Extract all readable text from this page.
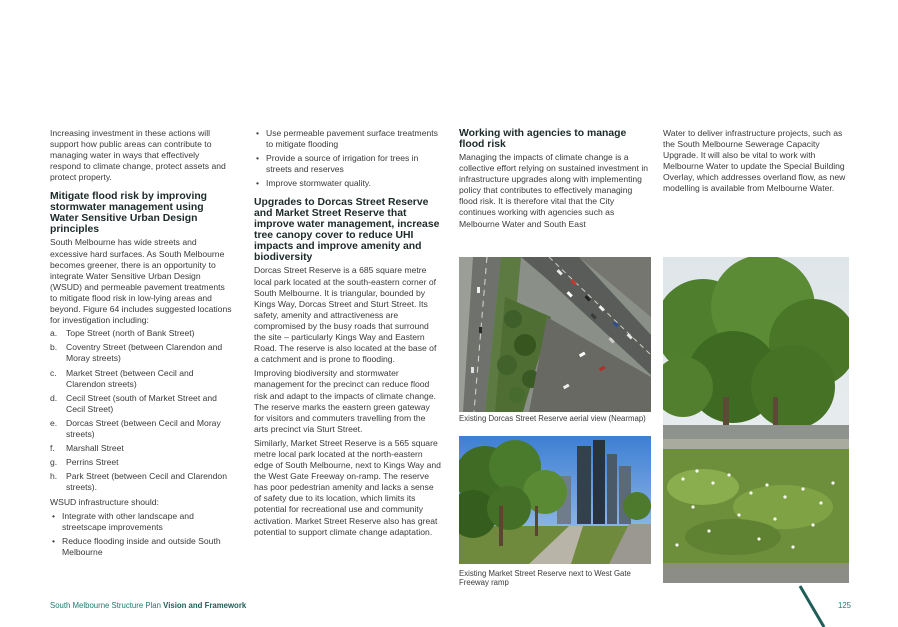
Increasing investment in these actions will support how public areas can contribute to managing water in ways that effectively respond to climate change, protect assets and protect property.

Mitigate flood risk by improving stormwater management using Water Sensitive Urban Design principles

South Melbourne has wide streets and excessive hard surfaces. As South Melbourne becomes greener, there is an opportunity to integrate Water Sensitive Urban Design (WSUD) and permeable pavement treatments to mitigate flood risk in low-lying areas and beyond. Figure 64 includes suggested locations for investigation including:

a. Tope Street (north of Bank Street)
b. Coventry Street (between Clarendon and Moray streets)
c. Market Street (between Cecil and Clarendon streets)
d. Cecil Street (south of Market Street and Cecil Street)
e. Dorcas Street (between Cecil and Moray streets)
f. Marshall Street
g. Perrins Street
h. Park Street (between Cecil and Clarendon streets).

WSUD infrastructure should:

• Integrate with other landscape and streetscape improvements
• Reduce flooding inside and outside South Melbourne
• Use permeable pavement surface treatments to mitigate flooding
• Provide a source of irrigation for trees in streets and reserves
• Improve stormwater quality.
Upgrades to Dorcas Street Reserve and Market Street Reserve that improve water management, increase tree canopy cover to reduce UHI impacts and improve amenity and biodiversity

Dorcas Street Reserve is a 685 square metre local park located at the south-eastern corner of South Melbourne. It is triangular, bounded by Kings Way, Dorcas Street and Sturt Street. Its safety, amenity and attractiveness are compromised by the busy roads that surround the site – particularly Kings Way and Eastern Road. The reserve is also located at the base of a catchment and is prone to flooding.

Improving biodiversity and stormwater management for the precinct can reduce flood risk and adapt to the impacts of climate change. The reserve marks the eastern green gateway for visitors and commuters travelling from the arts precinct via Sturt Street.

Similarly, Market Street Reserve is a 565 square metre local park located at the north-eastern edge of South Melbourne, next to Kings Way and the West Gate Freeway on-ramp. The reserve has poor pedestrian amenity and lacks a sense of safety due to its location, which limits its potential for recreational use and community activation. Market Street Reserve also has great potential to support climate change adaptation.

Working with agencies to manage flood risk

Managing the impacts of climate change is a collective effort relying on sustained investment in infrastructure upgrades along with implementing policy that contributes to effectively managing flood risk. It is therefore vital that the City continues working with agencies such as Melbourne Water and South East

Water to deliver infrastructure projects, such as the South Melbourne Sewerage Capacity Upgrade. It will also be vital to work with Melbourne Water to update the Special Building Overlay, which addresses overland flow, as new modelling is available from Melbourne Water.

Existing Dorcas Street Reserve aerial view (Nearmap)
Existing Market Street Reserve next to West Gate Freeway ramp
South Melbourne Structure Plan Vision and Framework	125
